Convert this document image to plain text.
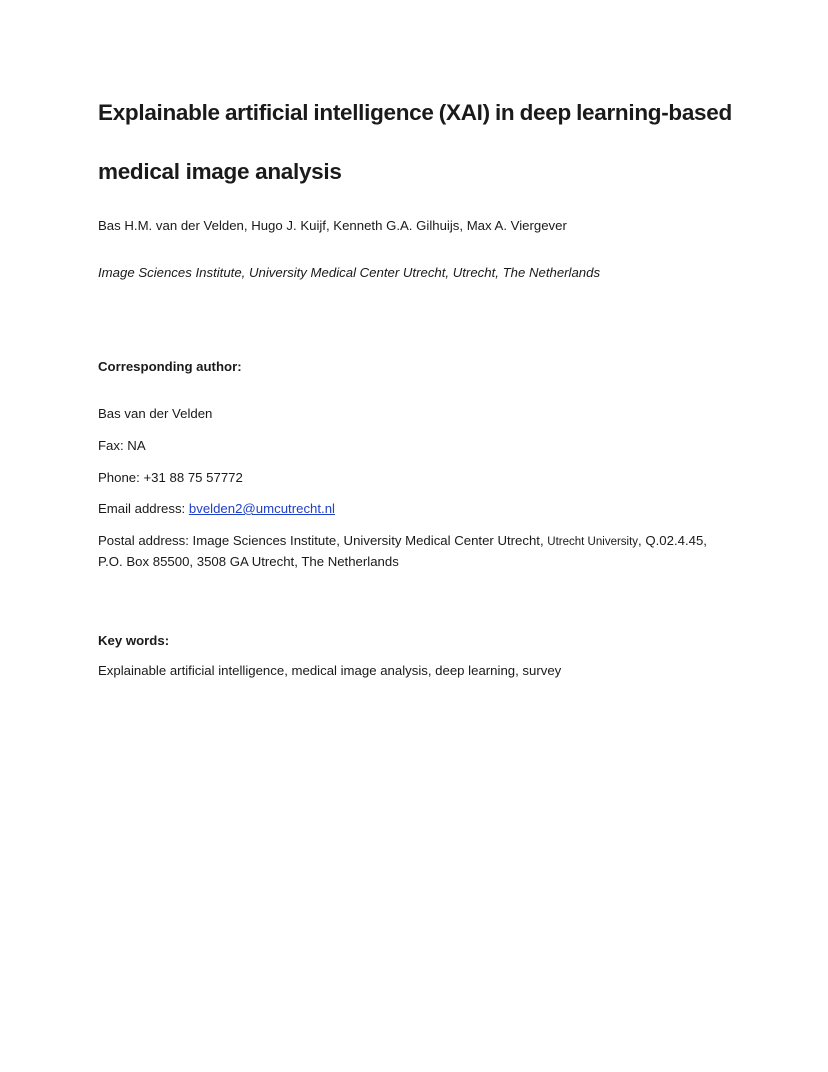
Explainable artificial intelligence (XAI) in deep learning-based
medical image analysis

Bas H.M. van der Velden, Hugo J. Kuijf, Kenneth G.A. Gilhuijs, Max A. Viergever

Image Sciences Institute, University Medical Center Utrecht, Utrecht, The Netherlands

Corresponding author:

Bas van der Velden

Fax: NA

Phone: +31 88 75 57772

Email address: bvelden2@umcutrecht.nl

Postal address: Image Sciences Institute, University Medical Center Utrecht, Utrecht University, Q.02.4.45,

P.O. Box 85500, 3508 GA Utrecht, The Netherlands

Key words:

Explainable artificial intelligence, medical image analysis, deep learning, survey
